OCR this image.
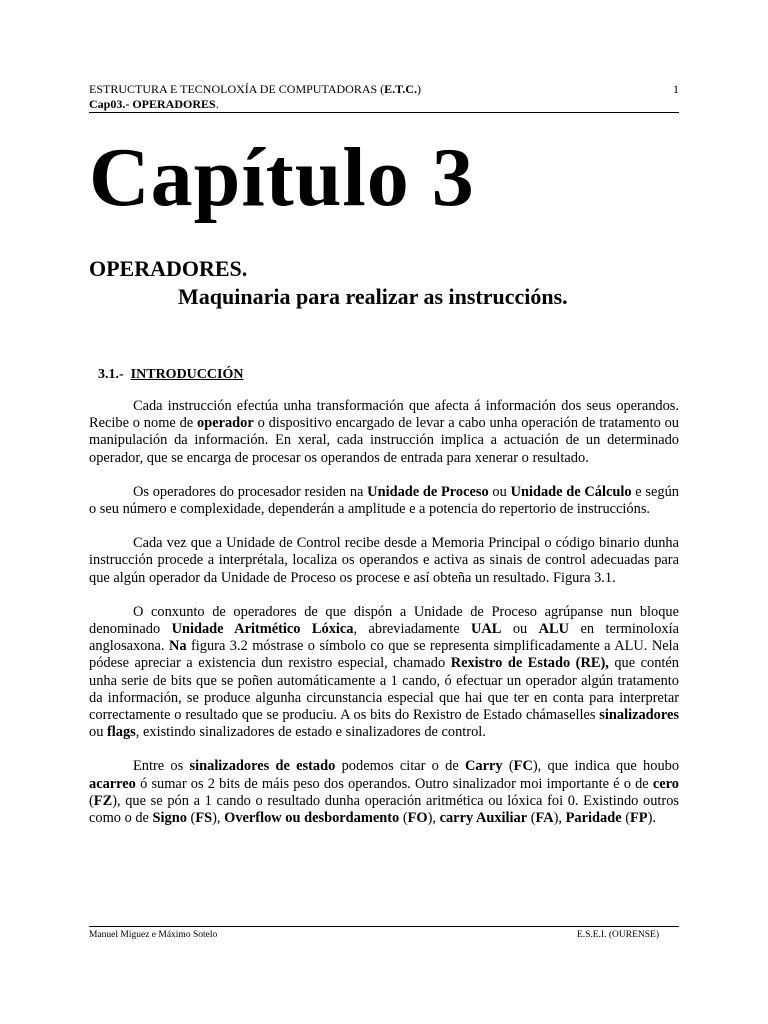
ESTRUCTURA E TECNOLOXÍA DE COMPUTADORAS (E.T.C.)	1
Cap03.- OPERADORES.
Capítulo 3
OPERADORES.
Maquinaria para realizar as instruccións.
3.1.- INTRODUCCIÓN

Cada instrucción efectúa unha transformación que afecta á información dos seus operandos. Recibe o nome de operador o dispositivo encargado de levar a cabo unha operación de tratamento ou manipulación da información. En xeral, cada instrucción implica a actuación de un determinado operador, que se encarga de procesar os operandos de entrada para xenerar o resultado.

Os operadores do procesador residen na Unidade de Proceso ou Unidade de Cálculo e según o seu número e complexidade, dependerán a amplitude e a potencia do repertorio de instruccións.

Cada vez que a Unidade de Control recibe desde a Memoria Principal o código binario dunha instrucción procede a interprétala, localiza os operandos e activa as sinais de control adecuadas para que algún operador da Unidade de Proceso os procese e así obteña un resultado. Figura 3.1.

O conxunto de operadores de que dispón a Unidade de Proceso agrúpanse nun bloque denominado Unidade Aritmético Lóxica, abreviadamente UAL ou ALU en terminoloxía anglosaxona. Na figura 3.2 móstrase o símbolo co que se representa simplificadamente a ALU. Nela pódese apreciar a existencia dun rexistro especial, chamado Rexistro de Estado (RE), que contén unha serie de bits que se poñen automáticamente a 1 cando, ó efectuar un operador algún tratamento da información, se produce algunha circunstancia especial que hai que ter en conta para interpretar correctamente o resultado que se produciu. A os bits do Rexistro de Estado chámaselles sinalizadores ou flags, existindo sinalizadores de estado e sinalizadores de control.

Entre os sinalizadores de estado podemos citar o de Carry (FC), que indica que houbo acarreo ó sumar os 2 bits de máis peso dos operandos. Outro sinalizador moi importante é o de cero (FZ), que se pón a 1 cando o resultado dunha operación aritmética ou lóxica foi 0. Existindo outros como o de Signo (FS), Overflow ou desbordamento (FO), carry Auxiliar (FA), Paridade (FP).

Manuel Míguez e Máximo Sotelo	E.S.E.I. (OURENSE)
